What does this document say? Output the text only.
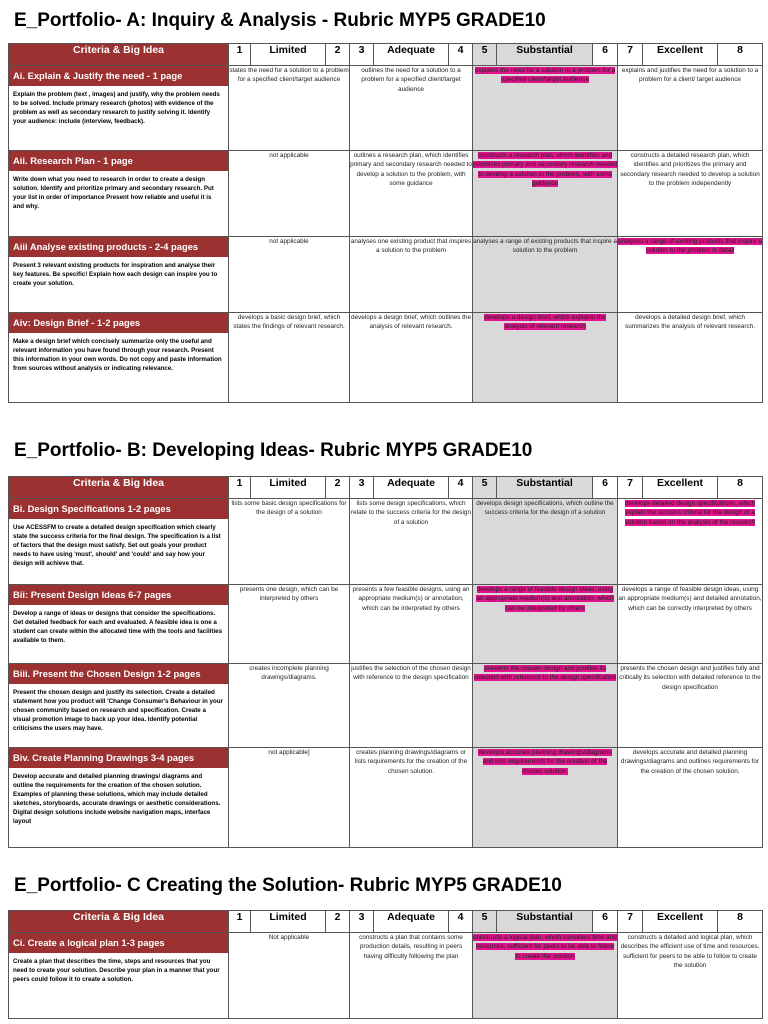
E_Portfolio- A: Inquiry & Analysis - Rubric MYP5 GRADE10
Criteria & Big Idea	1	Limited	2	3	Adequate	4	5	Substantial	6	7	Excellent	8

Ai. Explain & Justify the need - 1 page
Explain the problem (text , images) and justify, why the problem needs to be solved. Include primary research (photos) with evidence of the problem as well as secondary research to justify solving it. Identify your audience: include (interview, feedback).	states the need for a solution to a problem for a specified client/target audience			outlines the need for a solution to a problem for a specified client/target audience			explains the need for a solution to a problem for a specified client/target audience			explains and justifies the need for a solution to a problem for a client/ target audience		

Aii. Research Plan - 1 page
Write down what you need to research in order to create a design solution. Identify and prioritize primary and secondary research. Put your list in order of importance Present how reliable and useful it is and why.	not applicable			outlines a research plan, which identifies primary and secondary research needed to develop a solution to the problem, with some guidance			constructs a research plan, which identifies and prioritizes primary and secondary research needed to develop a solution to the problem, with some guidance			constructs a detailed research plan, which identifies and prioritizes the primary and secondary research needed to develop a solution to the problem independently		

Aiii Analyse existing products - 2-4 pages
Present 3 relevant existing products for inspiration and analyse their key features. Be specific! Explain how each design can inspire you to create your solution.	not applicable			analyses one existing product that inspires a solution to the problem			analyses a range of existing products that inspire a solution to the problem			analyses a range of existing products that inspire a solution to the problem in detail		

Aiv: Design Brief - 1-2 pages
Make a design brief which concisely summarize only the useful and relevant information you have found through your research. Present this information in your own words. Do not copy and paste information from sources without analysis or indicating relevance.	develops a basic design brief, which states the findings of relevant research.			develops a design brief, which outlines the analysis of relevant research.			develops a design brief, which explains the analysis of relevant research			develops a detailed design brief, which summarizes the analysis of relevant research.		
E_Portfolio- B: Developing Ideas- Rubric MYP5 GRADE10
Criteria & Big Idea	1	Limited	2	3	Adequate	4	5	Substantial	6	7	Excellent	8

Bi. Design Specifications 1-2 pages
Use ACESSFM to create a detailed design specification which clearly state the success criteria for the final design. The specification is a list of factors that the design must satisfy. Set out goals your product needs to have using 'must', should' and 'could' and say how your design will achieve that.	lists some basic design specifications for the design of a solution			lists some design specifications, which relate to the success criteria for the design of a solution			develops design specifications, which outline the success criteria for the design of a solution			develops detailed design specifications, which explain the success criteria for the design of a solution based on the analysis of the research		

Bii: Present Design Ideas 6-7 pages
Develop a range of ideas or designs that consider the specifications. Get detailed feedback for each and evaluated. A feasible idea is one a student can create within the allocated time with the tools and facilities available to them.	presents one design, which can be interpreted by others			presents a few feasible designs, using an appropriate medium(s) or annotation, which can be interpreted by others			develops a range of feasible design ideas, using an appropriate medium(s) and annotation, which can be interpreted by others			develops a range of feasible design ideas, using an appropriate medium(s) and detailed annotation, which can be correctly interpreted by others		

Biii. Present the Chosen Design 1-2 pages
Present the chosen design and justify its selection. Create a detailed statement how you product will 'Change Consumer's Behaviour in your chosen community based on research and specification. Create a visual promotion image to back up your idea. Identify potential criticisms the users may have.	creates incomplete planning drawings/diagrams.			justifies the selection of the chosen design with reference to the design specification			presents the chosen design and justifies its selection with reference to the design specification			presents the chosen design and justifies fully and critically its selection with detailed reference to the design specification		

Biv. Create Planning Drawings 3-4 pages
Develop accurate and detailed planning drawings/ diagrams and outline the requirements for the creation of the chosen solution. Examples of planning these solutions, which may include detailed sketches, storyboards, accurate drawings or aesthetic considerations. Digital design solutions include website navigation maps, interface layout	not applicable]			creates planning drawings/diagrams or lists requirements for the creation of the chosen solution.			develops accurate planning drawings/diagrams and lists requirements for the creation of the chosen solution.			develops accurate and detailed planning drawings/diagrams and outlines requirements for the creation of the chosen solution.		
E_Portfolio- C Creating the Solution- Rubric MYP5 GRADE10
Criteria & Big Idea	1	Limited	2	3	Adequate	4	5	Substantial	6	7	Excellent	8

Ci. Create a logical plan 1-3 pages
Create a plan that describes the time, steps and resources that you need to create your solution. Describe your plan in a manner that your peers could follow it to create a solution.	Not applicable			constructs a plan that contains some production details, resulting in peers having difficulty following the plan			constructs a logical plan, which considers time and resources, sufficient for peers to be able to follow to create the solution			constructs a detailed and logical plan, which describes the efficient use of time and resources, sufficient for peers to be able to follow to create the solution		
